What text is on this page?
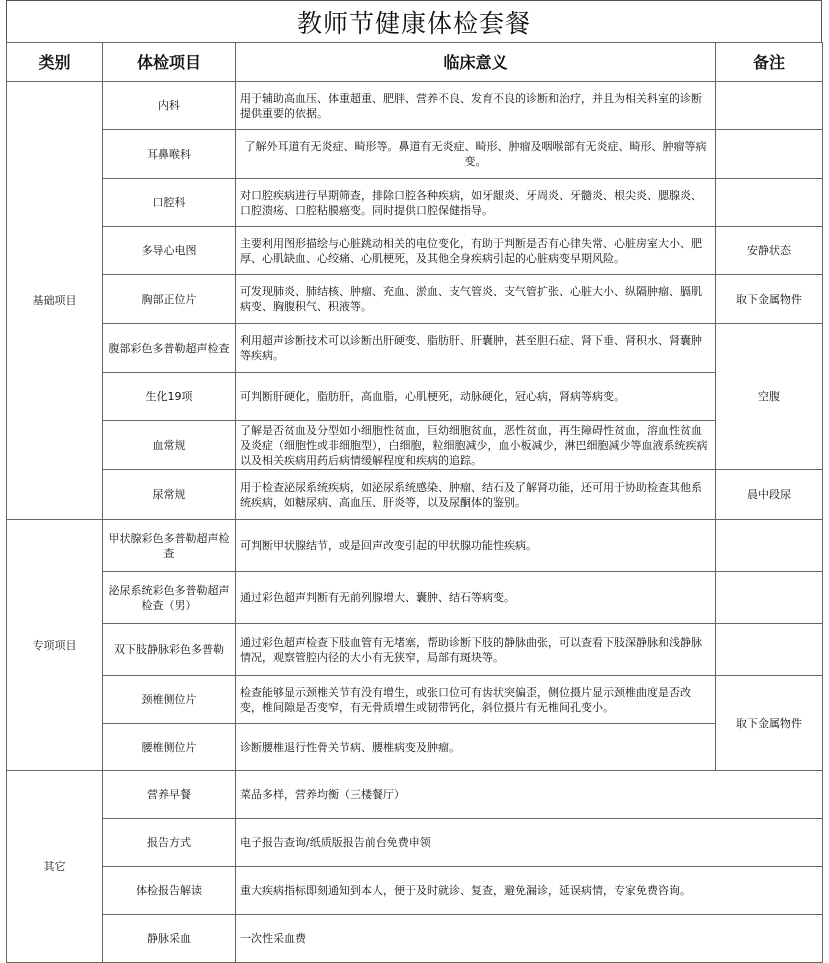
教师节健康体检套餐
类别	体检项目	临床意义	备注
基础项目	内科	用于辅助高血压、体重超重、肥胖、营养不良、发育不良的诊断和治疗，并且为相关科室的诊断提供重要的依据。	
	耳鼻喉科	了解外耳道有无炎症、畸形等。鼻道有无炎症、畸形、肿瘤及咽喉部有无炎症、畸形、肿瘤等病变。	
	口腔科	对口腔疾病进行早期筛查，排除口腔各种疾病，如牙龈炎、牙周炎、牙髓炎、根尖炎、腮腺炎、口腔溃疡、口腔粘膜癌变。同时提供口腔保健指导。	
	多导心电图	主要利用图形描绘与心脏跳动相关的电位变化，有助于判断是否有心律失常、心脏房室大小、肥厚、心肌缺血、心绞痛、心肌梗死，及其他全身疾病引起的心脏病变早期风险。	安静状态
	胸部正位片	可发现肺炎、肺结核、肿瘤、充血、淤血、支气管炎、支气管扩张、心脏大小、纵隔肿瘤、膈肌病变、胸腹积气、积液等。	取下金属物件
	腹部彩色多普勒超声检查	利用超声诊断技术可以诊断出肝硬变、脂肪肝、肝囊肿，甚至胆石症、肾下垂、肾积水、肾囊肿等疾病。	空腹
	生化19项	可判断肝硬化，脂肪肝，高血脂，心肌梗死，动脉硬化，冠心病，肾病等病变。	
	血常规	了解是否贫血及分型如小细胞性贫血，巨幼细胞贫血，恶性贫血，再生障碍性贫血，溶血性贫血及炎症（细胞性或非细胞型），白细胞，粒细胞减少，血小板减少，淋巴细胞减少等血液系统疾病以及相关疾病用药后病情缓解程度和疾病的追踪。	
	尿常规	用于检查泌尿系统疾病，如泌尿系统感染、肿瘤、结石及了解肾功能，还可用于协助检查其他系统疾病，如糖尿病、高血压、肝炎等，以及尿酮体的鉴别。	晨中段尿
专项项目	甲状腺彩色多普勒超声检查	可判断甲状腺结节，或是回声改变引起的甲状腺功能性疾病。	
	泌尿系统彩色多普勒超声检查（男）	通过彩色超声判断有无前列腺增大、囊肿、结石等病变。	
	双下肢静脉彩色多普勒	通过彩色超声检查下肢血管有无堵塞，帮助诊断下肢的静脉曲张，可以查看下肢深静脉和浅静脉情况，观察管腔内径的大小有无狭窄，局部有斑块等。	
	颈椎侧位片	检查能够显示颈椎关节有没有增生，或张口位可有齿状突偏歪，侧位摄片显示颈椎曲度是否改变，椎间隙是否变窄，有无骨质增生或韧带钙化，斜位摄片有无椎间孔变小。	取下金属物件
	腰椎侧位片	诊断腰椎退行性骨关节病、腰椎病变及肿瘤。	
其它	营养早餐	菜品多样，营养均衡（三楼餐厅）	
	报告方式	电子报告查询/纸质版报告前台免费申领	
	体检报告解读	重大疾病指标即刻通知到本人，便于及时就诊、复查，避免漏诊，延误病情，专家免费咨询。	
	静脉采血	一次性采血费	
